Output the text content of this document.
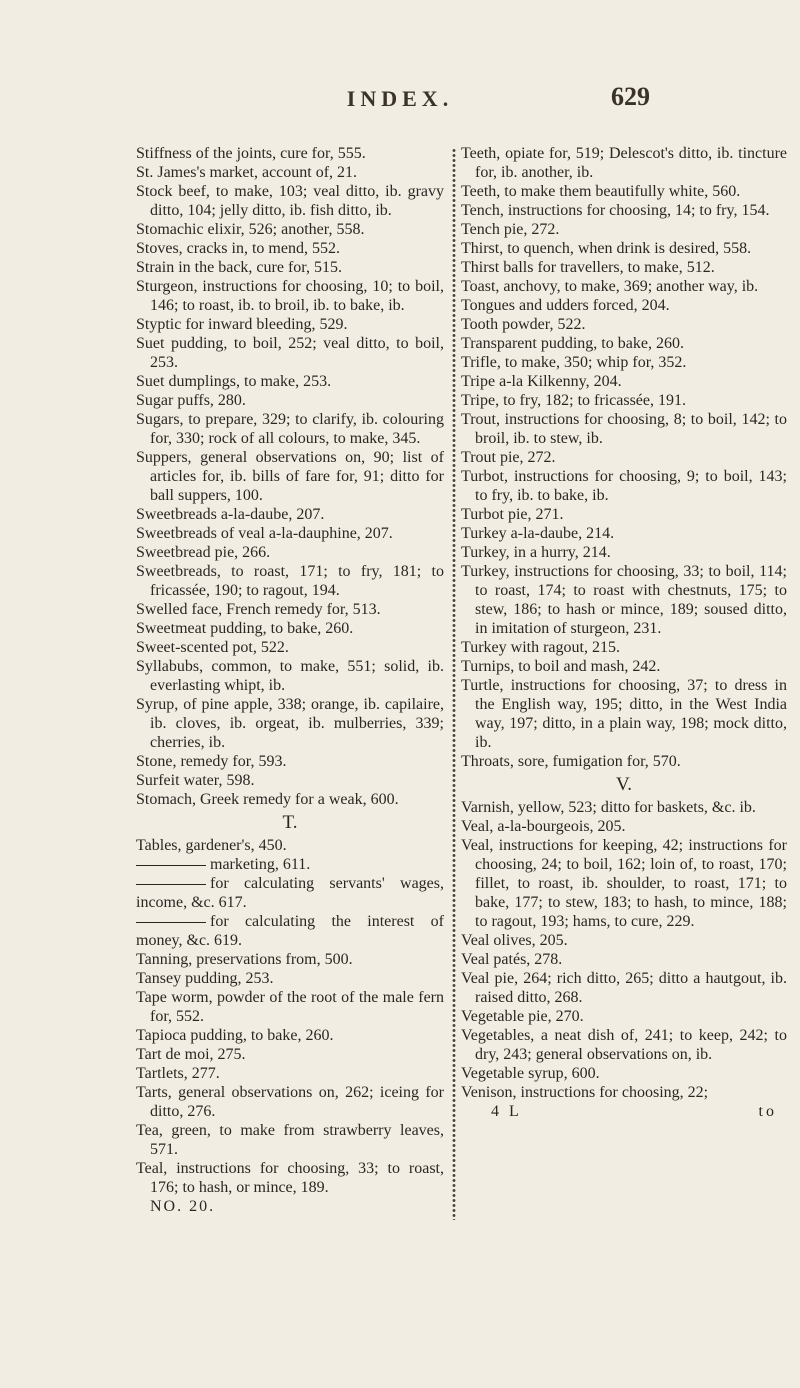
INDEX.	629

Stiffness of the joints, cure for, 555.

St. James's market, account of, 21.

Stock beef, to make, 103; veal ditto, ib. gravy ditto, 104; jelly ditto, ib. fish ditto, ib.

Stomachic elixir, 526; another, 558.

Stoves, cracks in, to mend, 552.

Strain in the back, cure for, 515.

Sturgeon, instructions for choosing, 10; to boil, 146; to roast, ib. to broil, ib. to bake, ib.

Styptic for inward bleeding, 529.

Suet pudding, to boil, 252; veal ditto, to boil, 253.

Suet dumplings, to make, 253.

Sugar puffs, 280.

Sugars, to prepare, 329; to clarify, ib. colouring for, 330; rock of all colours, to make, 345.

Suppers, general observations on, 90; list of articles for, ib. bills of fare for, 91; ditto for ball suppers, 100.

Sweetbreads a-la-daube, 207.

Sweetbreads of veal a-la-dauphine, 207.

Sweetbread pie, 266.

Sweetbreads, to roast, 171; to fry, 181; to fricassée, 190; to ragout, 194.

Swelled face, French remedy for, 513.

Sweetmeat pudding, to bake, 260.

Sweet-scented pot, 522.

Syllabubs, common, to make, 551; solid, ib. everlasting whipt, ib.

Syrup, of pine apple, 338; orange, ib. capilaire, ib. cloves, ib. orgeat, ib. mulberries, 339; cherries, ib.

Stone, remedy for, 593.

Surfeit water, 598.

Stomach, Greek remedy for a weak, 600.

T.

Tables, gardener's, 450.

marketing, 611.

for calculating servants' wages, income, &c. 617.

for calculating the interest of money, &c. 619.

Tanning, preservations from, 500.

Tansey pudding, 253.

Tape worm, powder of the root of the male fern for, 552.

Tapioca pudding, to bake, 260.

Tart de moi, 275.

Tartlets, 277.

Tarts, general observations on, 262; iceing for ditto, 276.

Tea, green, to make from strawberry leaves, 571.

Teal, instructions for choosing, 33; to roast, 176; to hash, or mince, 189.

NO. 20.

Teeth, opiate for, 519; Delescot's ditto, ib. tincture for, ib. another, ib.

Teeth, to make them beautifully white, 560.

Tench, instructions for choosing, 14; to fry, 154.

Tench pie, 272.

Thirst, to quench, when drink is desired, 558.

Thirst balls for travellers, to make, 512.

Toast, anchovy, to make, 369; another way, ib.

Tongues and udders forced, 204.

Tooth powder, 522.

Transparent pudding, to bake, 260.

Trifle, to make, 350; whip for, 352.

Tripe a-la Kilkenny, 204.

Tripe, to fry, 182; to fricassée, 191.

Trout, instructions for choosing, 8; to boil, 142; to broil, ib. to stew, ib.

Trout pie, 272.

Turbot, instructions for choosing, 9; to boil, 143; to fry, ib. to bake, ib.

Turbot pie, 271.

Turkey a-la-daube, 214.

Turkey, in a hurry, 214.

Turkey, instructions for choosing, 33; to boil, 114; to roast, 174; to roast with chestnuts, 175; to stew, 186; to hash or mince, 189; soused ditto, in imitation of sturgeon, 231.

Turkey with ragout, 215.

Turnips, to boil and mash, 242.

Turtle, instructions for choosing, 37; to dress in the English way, 195; ditto, in the West India way, 197; ditto, in a plain way, 198; mock ditto, ib.

Throats, sore, fumigation for, 570.

V.

Varnish, yellow, 523; ditto for baskets, &c. ib.

Veal, a-la-bourgeois, 205.

Veal, instructions for keeping, 42; instructions for choosing, 24; to boil, 162; loin of, to roast, 170; fillet, to roast, ib. shoulder, to roast, 171; to bake, 177; to stew, 183; to hash, to mince, 188; to ragout, 193; hams, to cure, 229.

Veal olives, 205.

Veal patés, 278.

Veal pie, 264; rich ditto, 265; ditto a hautgout, ib. raised ditto, 268.

Vegetable pie, 270.

Vegetables, a neat dish of, 241; to keep, 242; to dry, 243; general observations on, ib.

Vegetable syrup, 600.

Venison, instructions for choosing, 22;

to
4 L
